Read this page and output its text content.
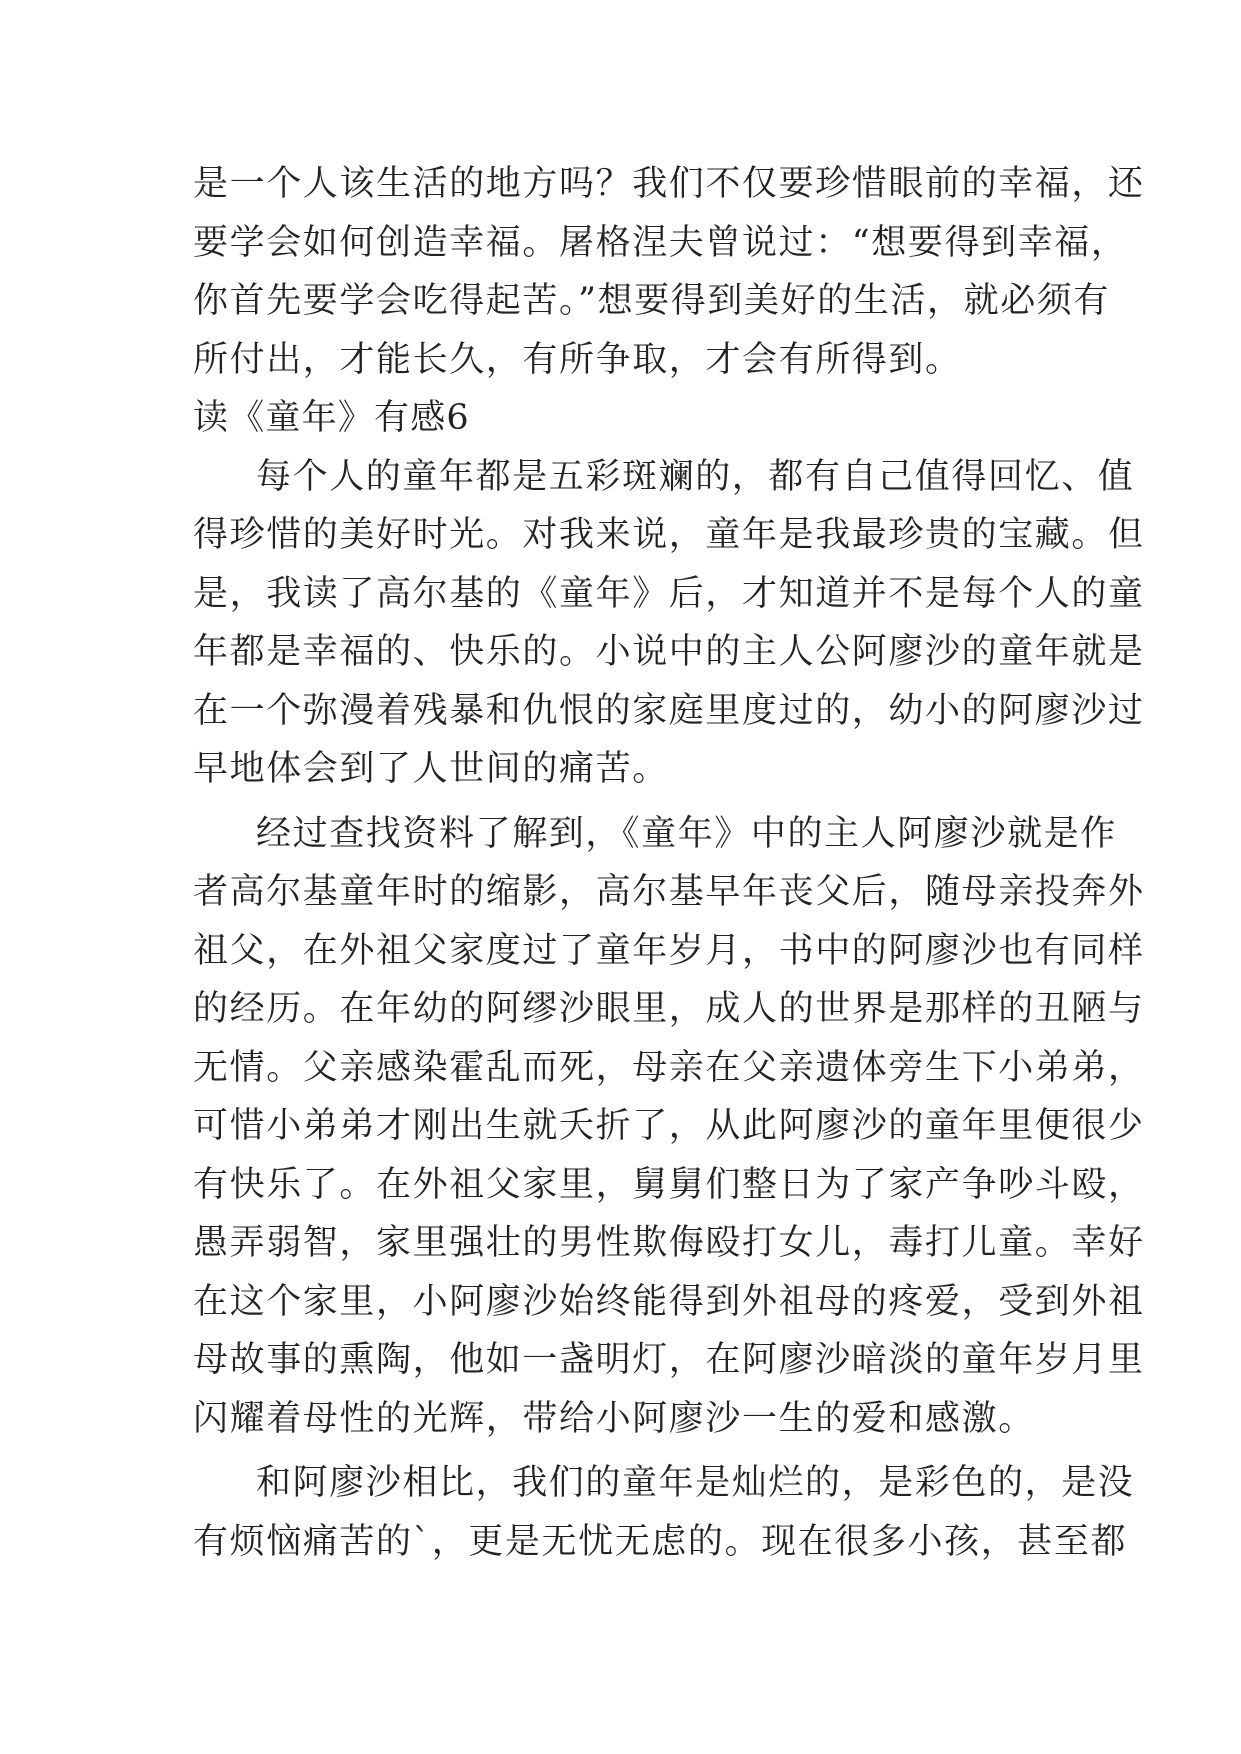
是一个人该生活的地方吗？我们不仅要珍惜眼前的幸福，还
要学会如何创造幸福。屠格涅夫曾说过：“想要得到幸福，
你首先要学会吃得起苦。”想要得到美好的生活，就必须有
所付出，才能长久，有所争取，才会有所得到。
读《童年》有感6
每个人的童年都是五彩斑斓的，都有自己值得回忆、值
得珍惜的美好时光。对我来说，童年是我最珍贵的宝藏。但
是，我读了高尔基的《童年》后，才知道并不是每个人的童
年都是幸福的、快乐的。小说中的主人公阿廖沙的童年就是
在一个弥漫着残暴和仇恨的家庭里度过的，幼小的阿廖沙过
早地体会到了人世间的痛苦。
经过查找资料了解到，《童年》中的主人阿廖沙就是作
者高尔基童年时的缩影，高尔基早年丧父后，随母亲投奔外
祖父，在外祖父家度过了童年岁月，书中的阿廖沙也有同样
的经历。在年幼的阿缪沙眼里，成人的世界是那样的丑陋与
无情。父亲感染霍乱而死，母亲在父亲遗体旁生下小弟弟，
可惜小弟弟才刚出生就夭折了，从此阿廖沙的童年里便很少
有快乐了。在外祖父家里，舅舅们整日为了家产争吵斗殴，
愚弄弱智，家里强壮的男性欺侮殴打女儿，毒打儿童。幸好
在这个家里，小阿廖沙始终能得到外祖母的疼爱，受到外祖
母故事的熏陶，他如一盏明灯，在阿廖沙暗淡的童年岁月里
闪耀着母性的光辉，带给小阿廖沙一生的爱和感激。
和阿廖沙相比，我们的童年是灿烂的，是彩色的，是没
有烦恼痛苦的`，更是无忧无虑的。现在很多小孩，甚至都
